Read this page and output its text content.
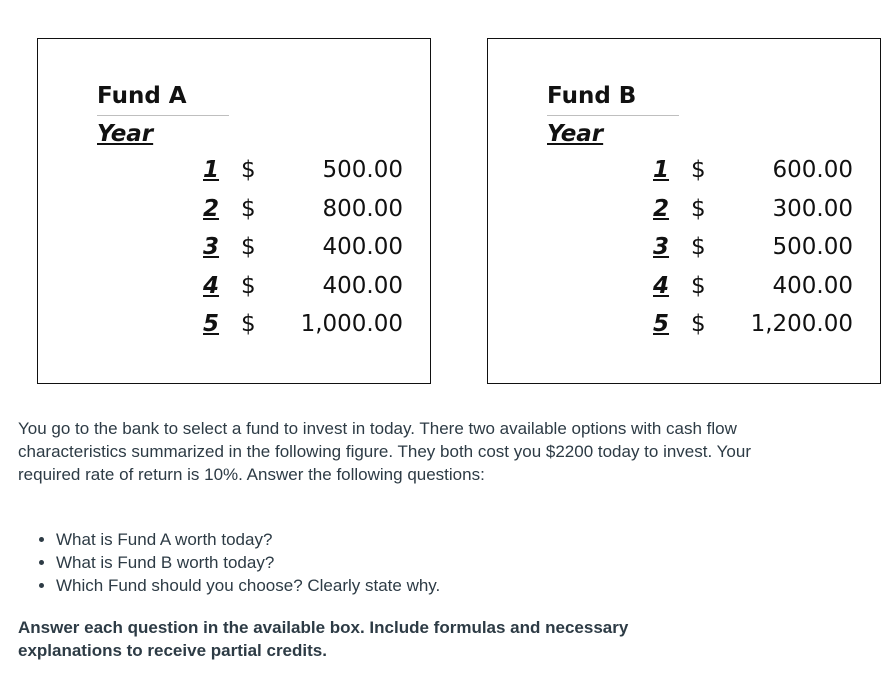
Fund A
Year
1 $	500.00
2 $	800.00
3 $	400.00
4 $	400.00
5 $ 1,000.00
Fund B
Year
1 $	600.00
2 $	300.00
3 $	500.00
4 $	400.00
5 $ 1,200.00

You go to the bank to select a fund to invest in today. There two available options with cash flow characteristics summarized in the following figure. They both cost you $2200 today to invest. Your required rate of return is 10%. Answer the following questions:

• What is Fund A worth today?
• What is Fund B worth today?
• Which Fund should you choose? Clearly state why.

Answer each question in the available box. Include formulas and necessary explanations to receive partial credits.
